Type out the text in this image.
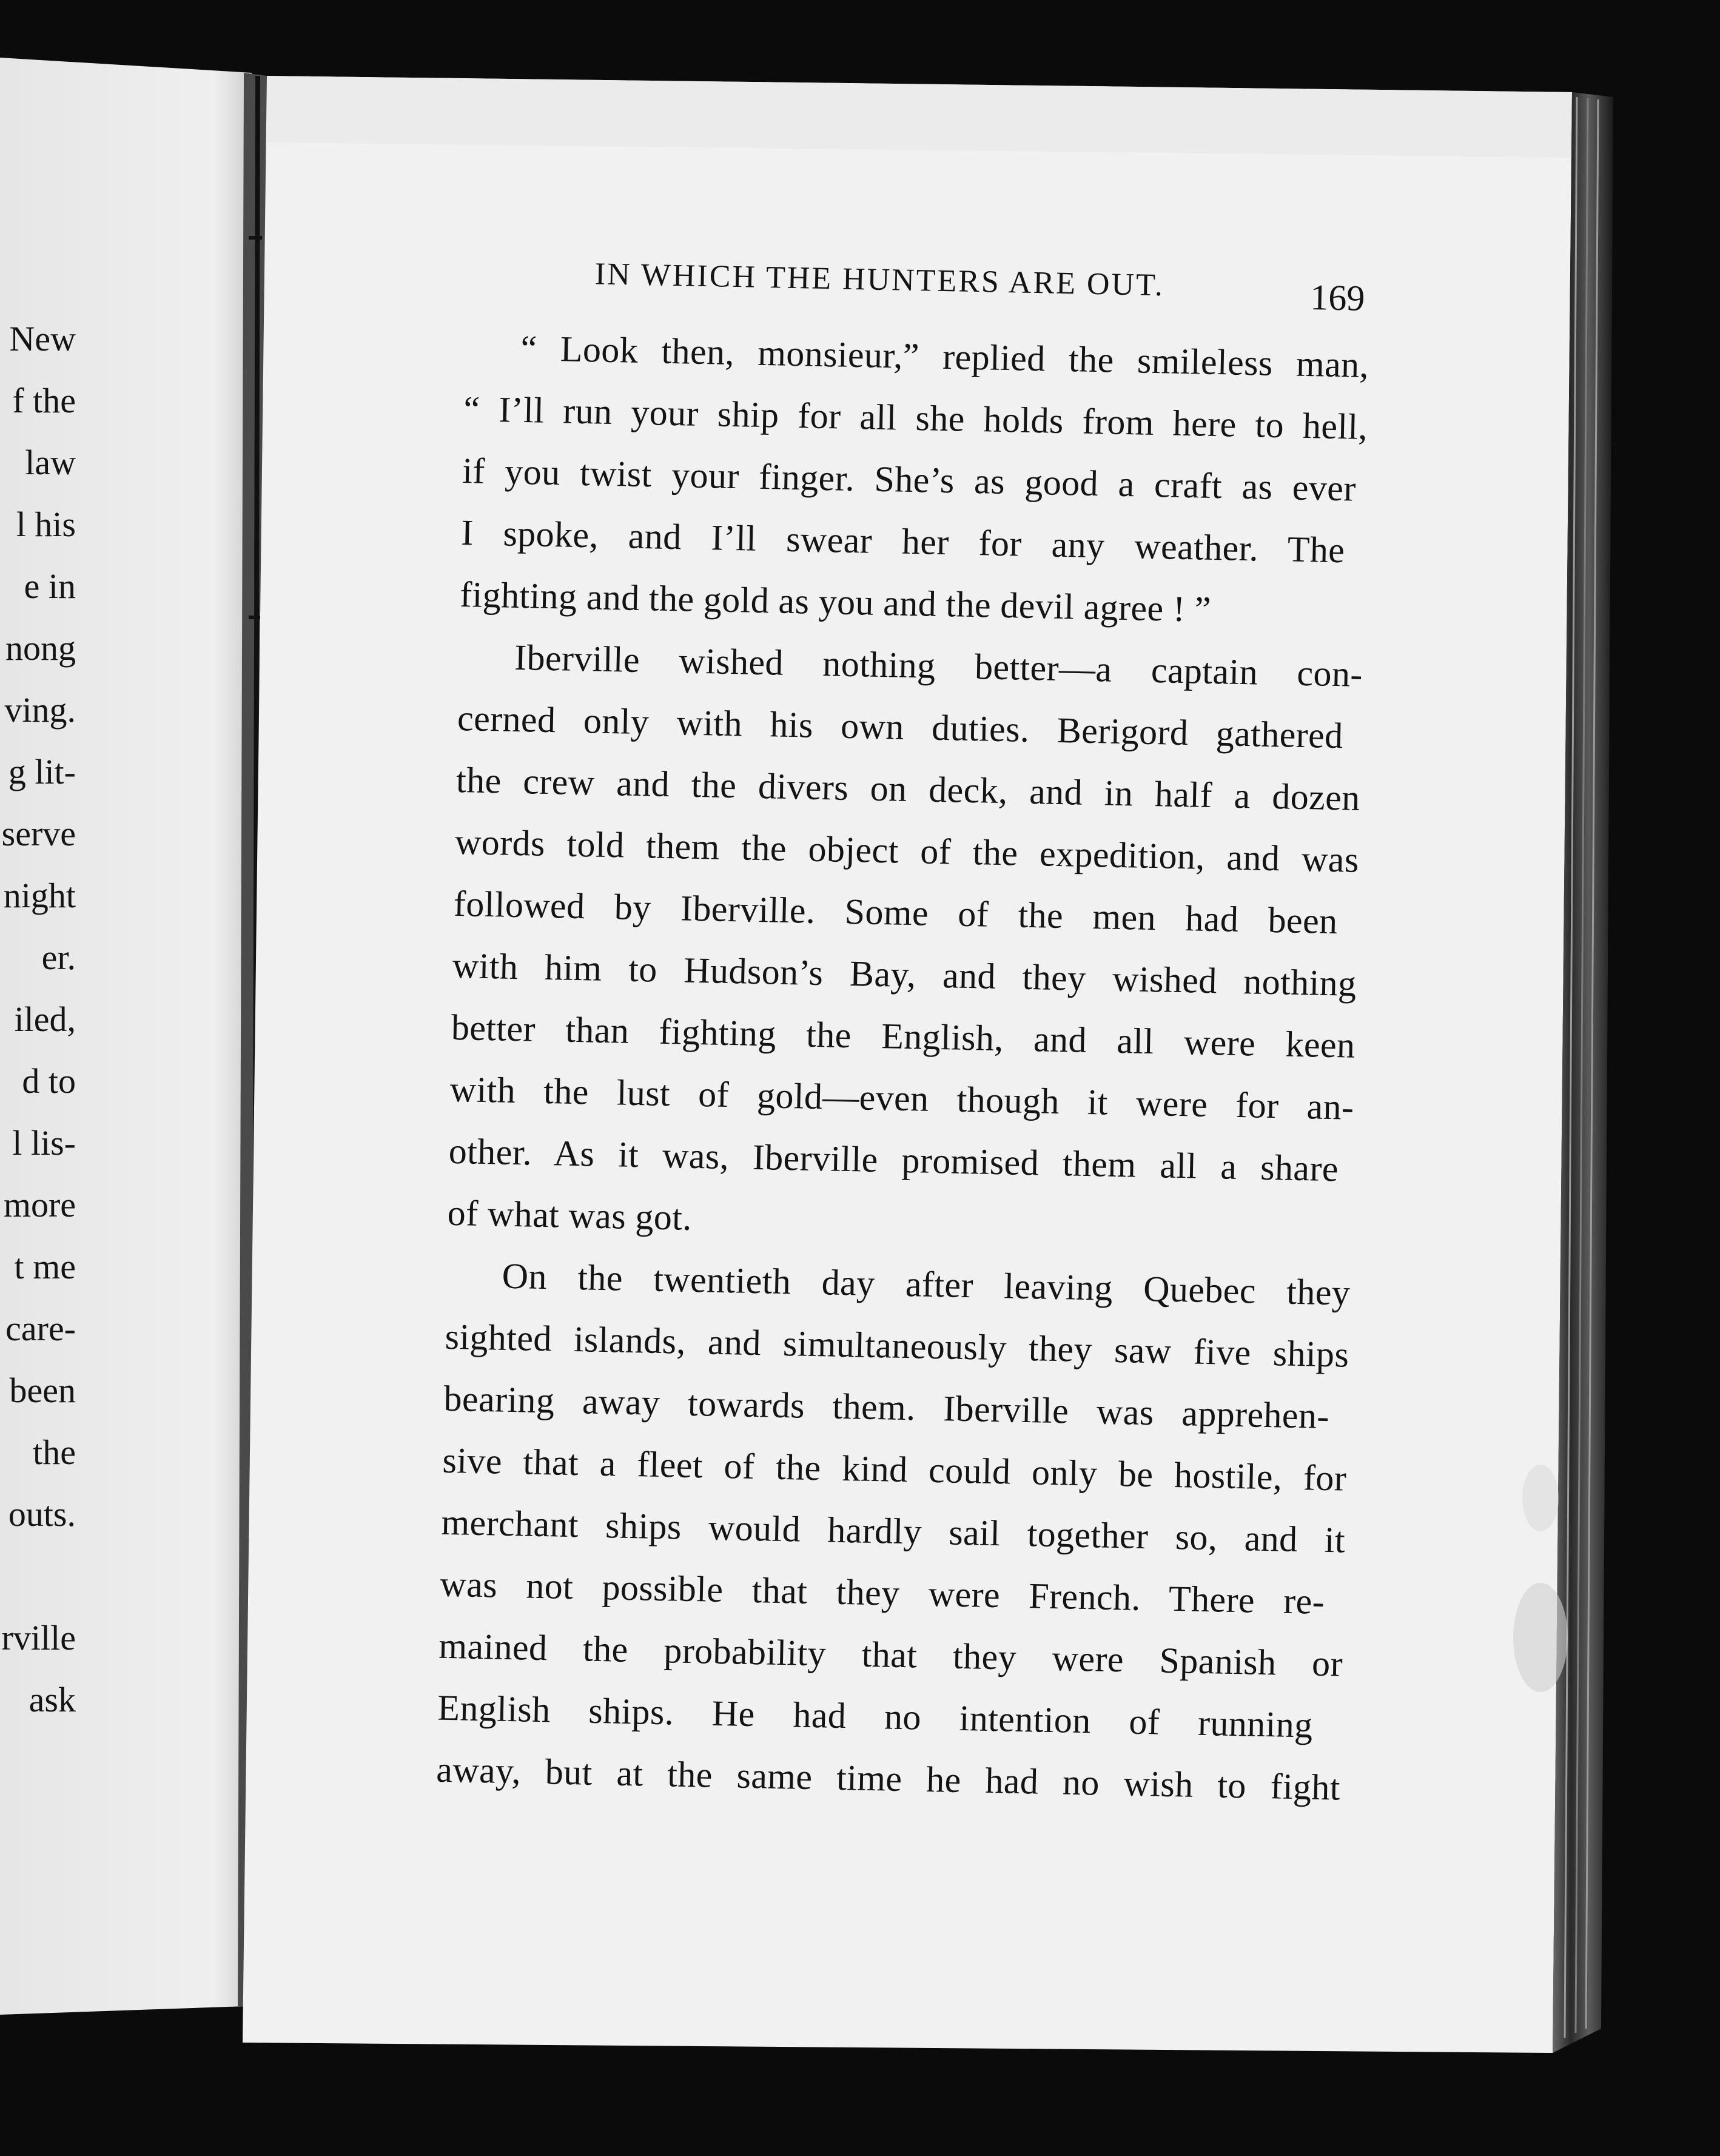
New

f the

law

l his

e in

nong

ving.

g lit-

serve

night

er.

iled,

d to

l lis-

more

t me

care-

been

the

outs.

rville

ask

IN WHICH THE HUNTERS ARE OUT.	169

“ Look then, monsieur,” replied the smileless man,

“ I’ll run your ship for all she holds from here to hell,

if you twist your finger. She’s as good a craft as ever

I spoke, and I’ll swear her for any weather. The

fighting and the gold as you and the devil agree ! ”

Iberville wished nothing better—a captain con-

cerned only with his own duties. Berigord gathered

the crew and the divers on deck, and in half a dozen

words told them the object of the expedition, and was

followed by Iberville. Some of the men had been

with him to Hudson’s Bay, and they wished nothing

better than fighting the English, and all were keen

with the lust of gold—even though it were for an-

other. As it was, Iberville promised them all a share

of what was got.

On the twentieth day after leaving Quebec they

sighted islands, and simultaneously they saw five ships

bearing away towards them. Iberville was apprehen-

sive that a fleet of the kind could only be hostile, for

merchant ships would hardly sail together so, and it

was not possible that they were French. There re-

mained the probability that they were Spanish or

English ships. He had no intention of running

away, but at the same time he had no wish to fight
